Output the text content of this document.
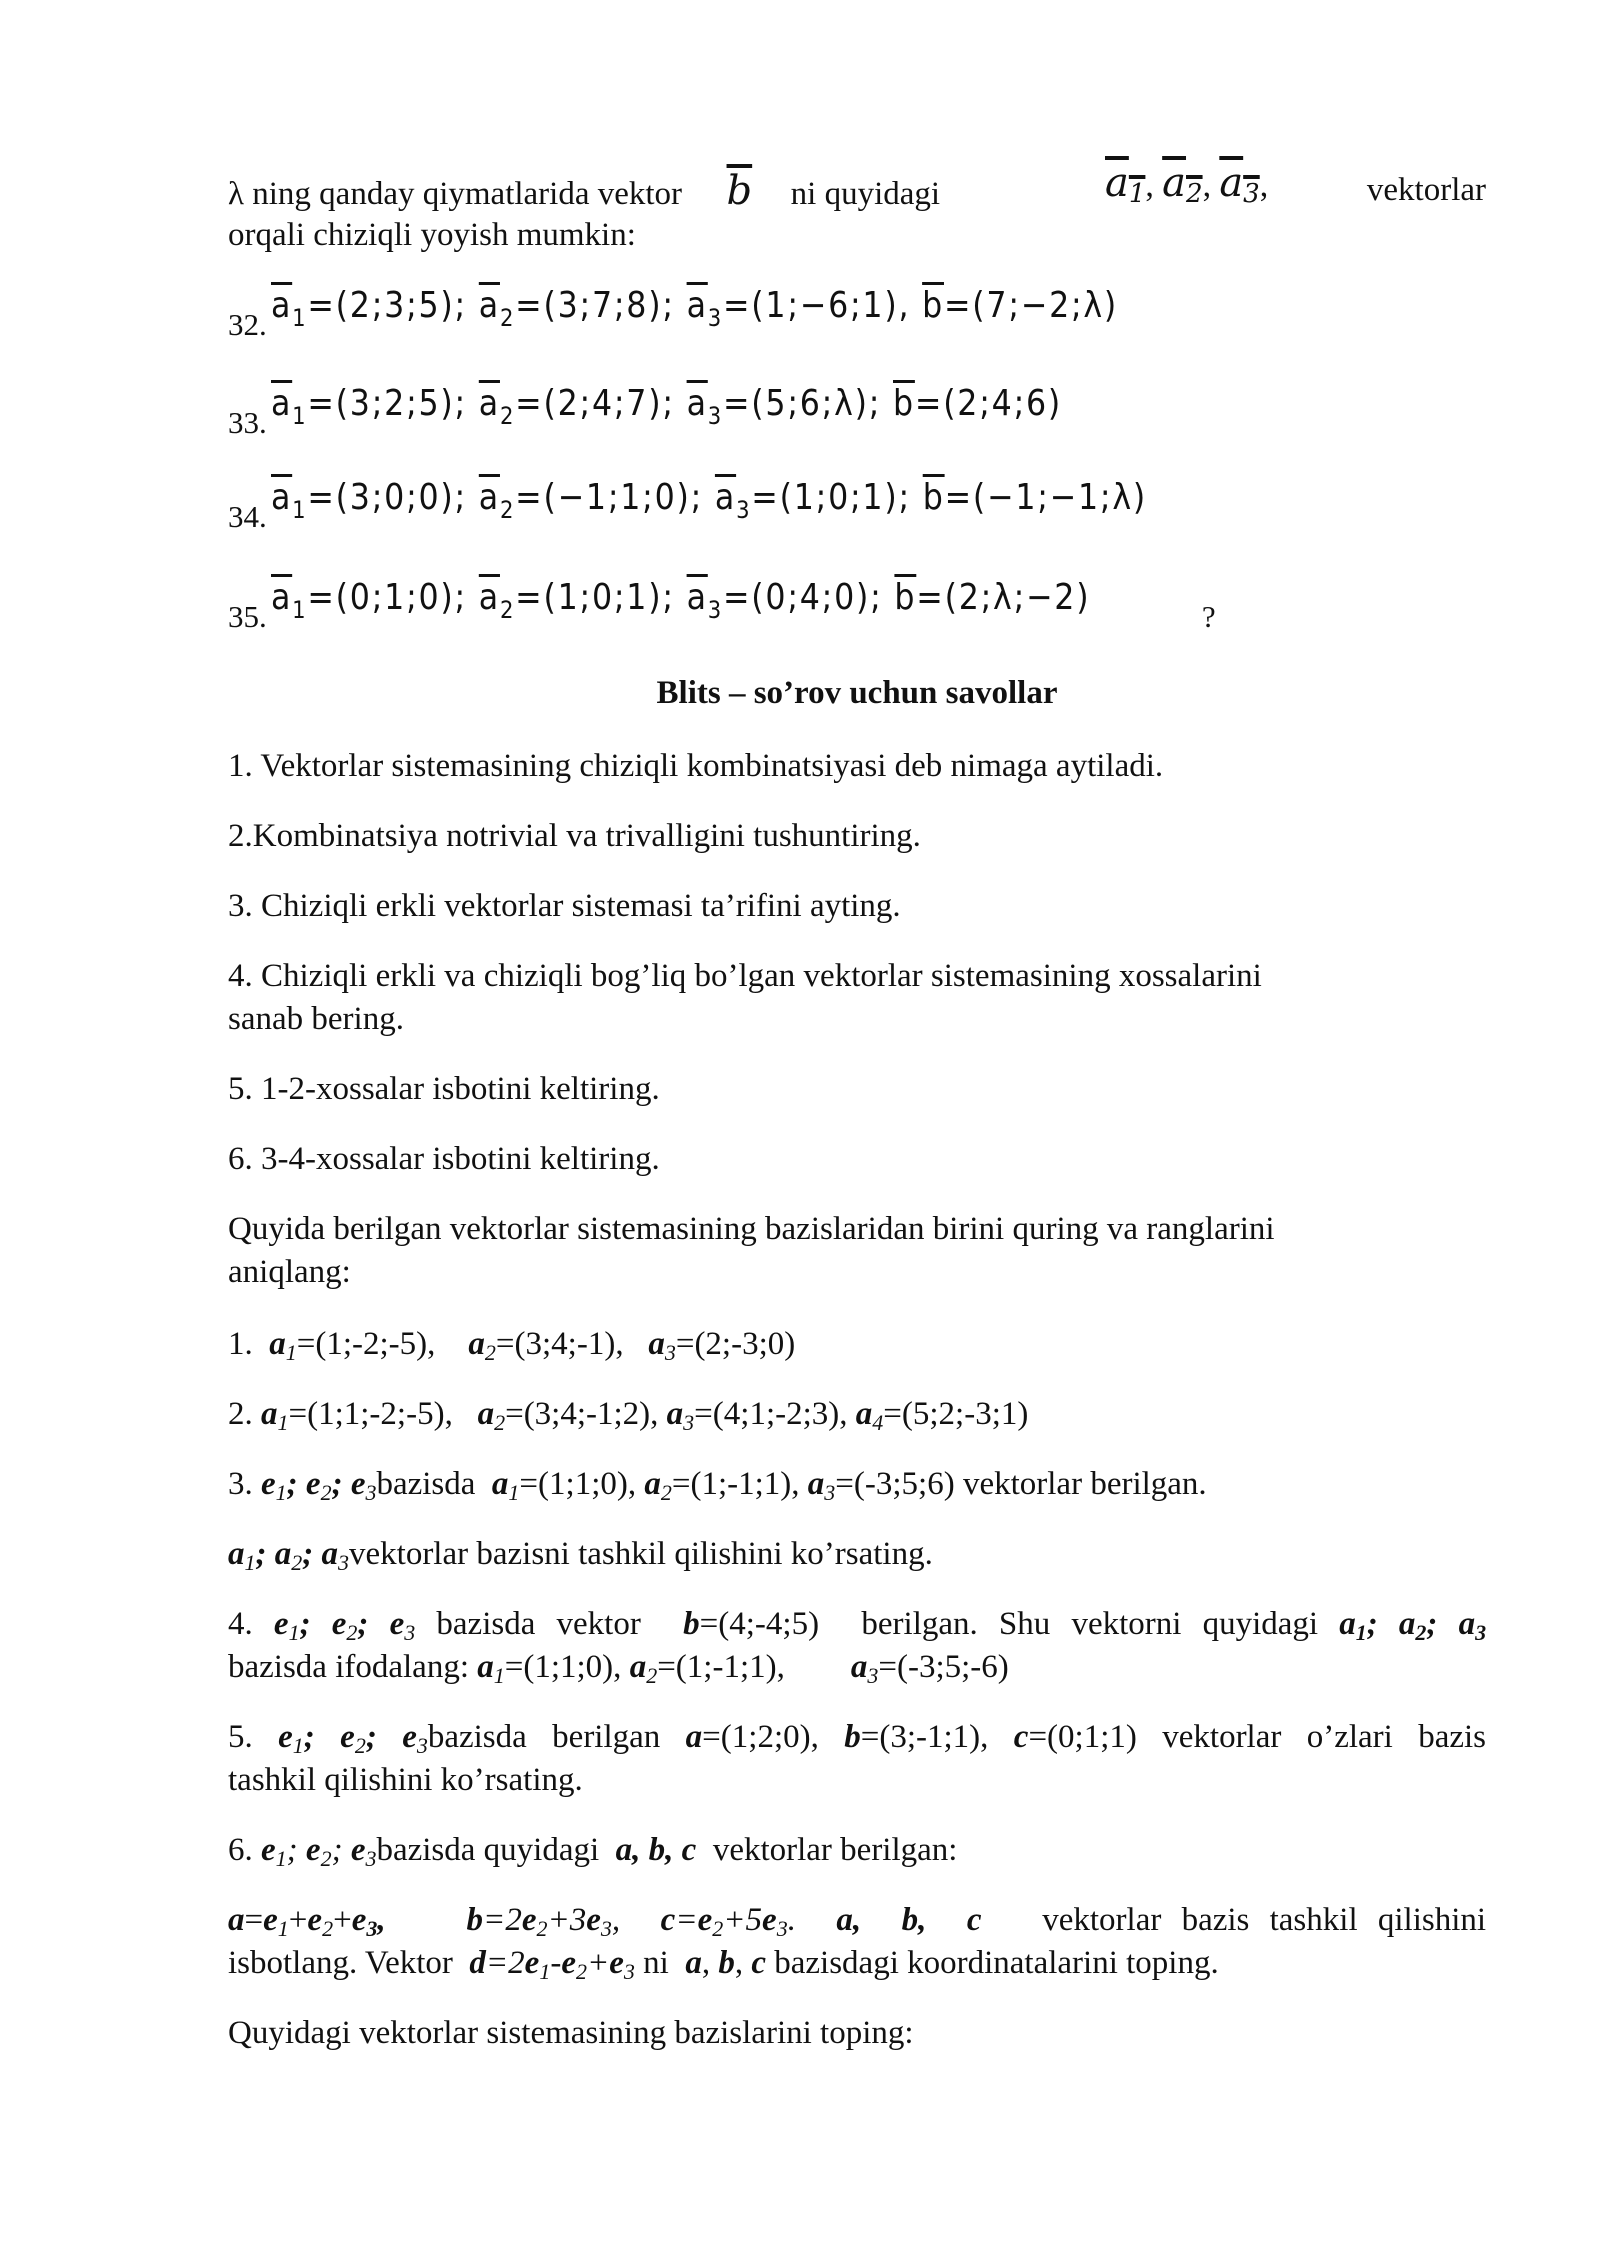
λ ning qanday qiymatlarida vektor $\overline{b}$ ni quyidagi	a1, a2, a3,	vektorlar
orqali chiziqli yoyish mumkin:
32. $\overline{a}_1=(2;3;5)$; $\overline{a}_2=(3;7;8)$; $\overline{a}_3=(1;-6;1)$, $\overline{b}=(7;-2;\lambda)$
33. $\overline{a}_1=(3;2;5)$; $\overline{a}_2=(2;4;7)$; $\overline{a}_3=(5;6;\lambda)$; $\overline{b}=(2;4;6)$
34. $\overline{a}_1=(3;0;0)$; $\overline{a}_2=(-1;1;0)$; $\overline{a}_3=(1;0;1)$; $\overline{b}=(-1;-1;\lambda)$
35. $\overline{a}_1=(0;1;0)$; $\overline{a}_2=(1;0;1)$; $\overline{a}_3=(0;4;0)$; $\overline{b}=(2;\lambda;-2)$	?
Blits – so’rov uchun savollar
1. Vektorlar sistemasining chiziqli kombinatsiyasi deb nimaga aytiladi.
2.Kombinatsiya notrivial va trivalligini tushuntiring.
3. Chiziqli erkli vektorlar sistemasi ta’rifini ayting.
4. Chiziqli erkli va chiziqli bog’liq bo’lgan vektorlar sistemasining xossalarini
sanab bering.
5. 1-2-xossalar isbotini keltiring.
6. 3-4-xossalar isbotini keltiring.
Quyida berilgan vektorlar sistemasining bazislaridan birini quring va ranglarini
aniqlang:
1. a1=(1;-2;-5), a2=(3;4;-1), a3=(2;-3;0)
2. a1=(1;1;-2;-5), a2=(3;4;-1;2), a3=(4;1;-2;3), a4=(5;2;-3;1)
3. e1; e2; e3bazisda a1=(1;1;0), a2=(1;-1;1), a3=(-3;5;6) vektorlar berilgan.
a1; a2; a3vektorlar bazisni tashkil qilishini ko’rsating.
4. e1; e2; e3 bazisda vektor b=(4;-4;5) berilgan. Shu vektorni quyidagi a1; a2; a3
bazisda ifodalang: a1=(1;1;0), a2=(1;-1;1), a3=(-3;5;-6)
5. e1; e2; e3bazisda berilgan a=(1;2;0), b=(3;-1;1), c=(0;1;1) vektorlar o’zlari bazis
tashkil qilishini ko’rsating.
6. e1; e2; e3bazisda quyidagi a, b, c vektorlar berilgan:
a=e1+e2+e3, b=2e2+3e3, c=e2+5e3. a,  b,  c vektorlar bazis tashkil qilishini
isbotlang. Vektor d=2e1-e2+e3 ni a, b, c bazisdagi koordinatalarini toping.
Quyidagi vektorlar sistemasining bazislarini toping:
